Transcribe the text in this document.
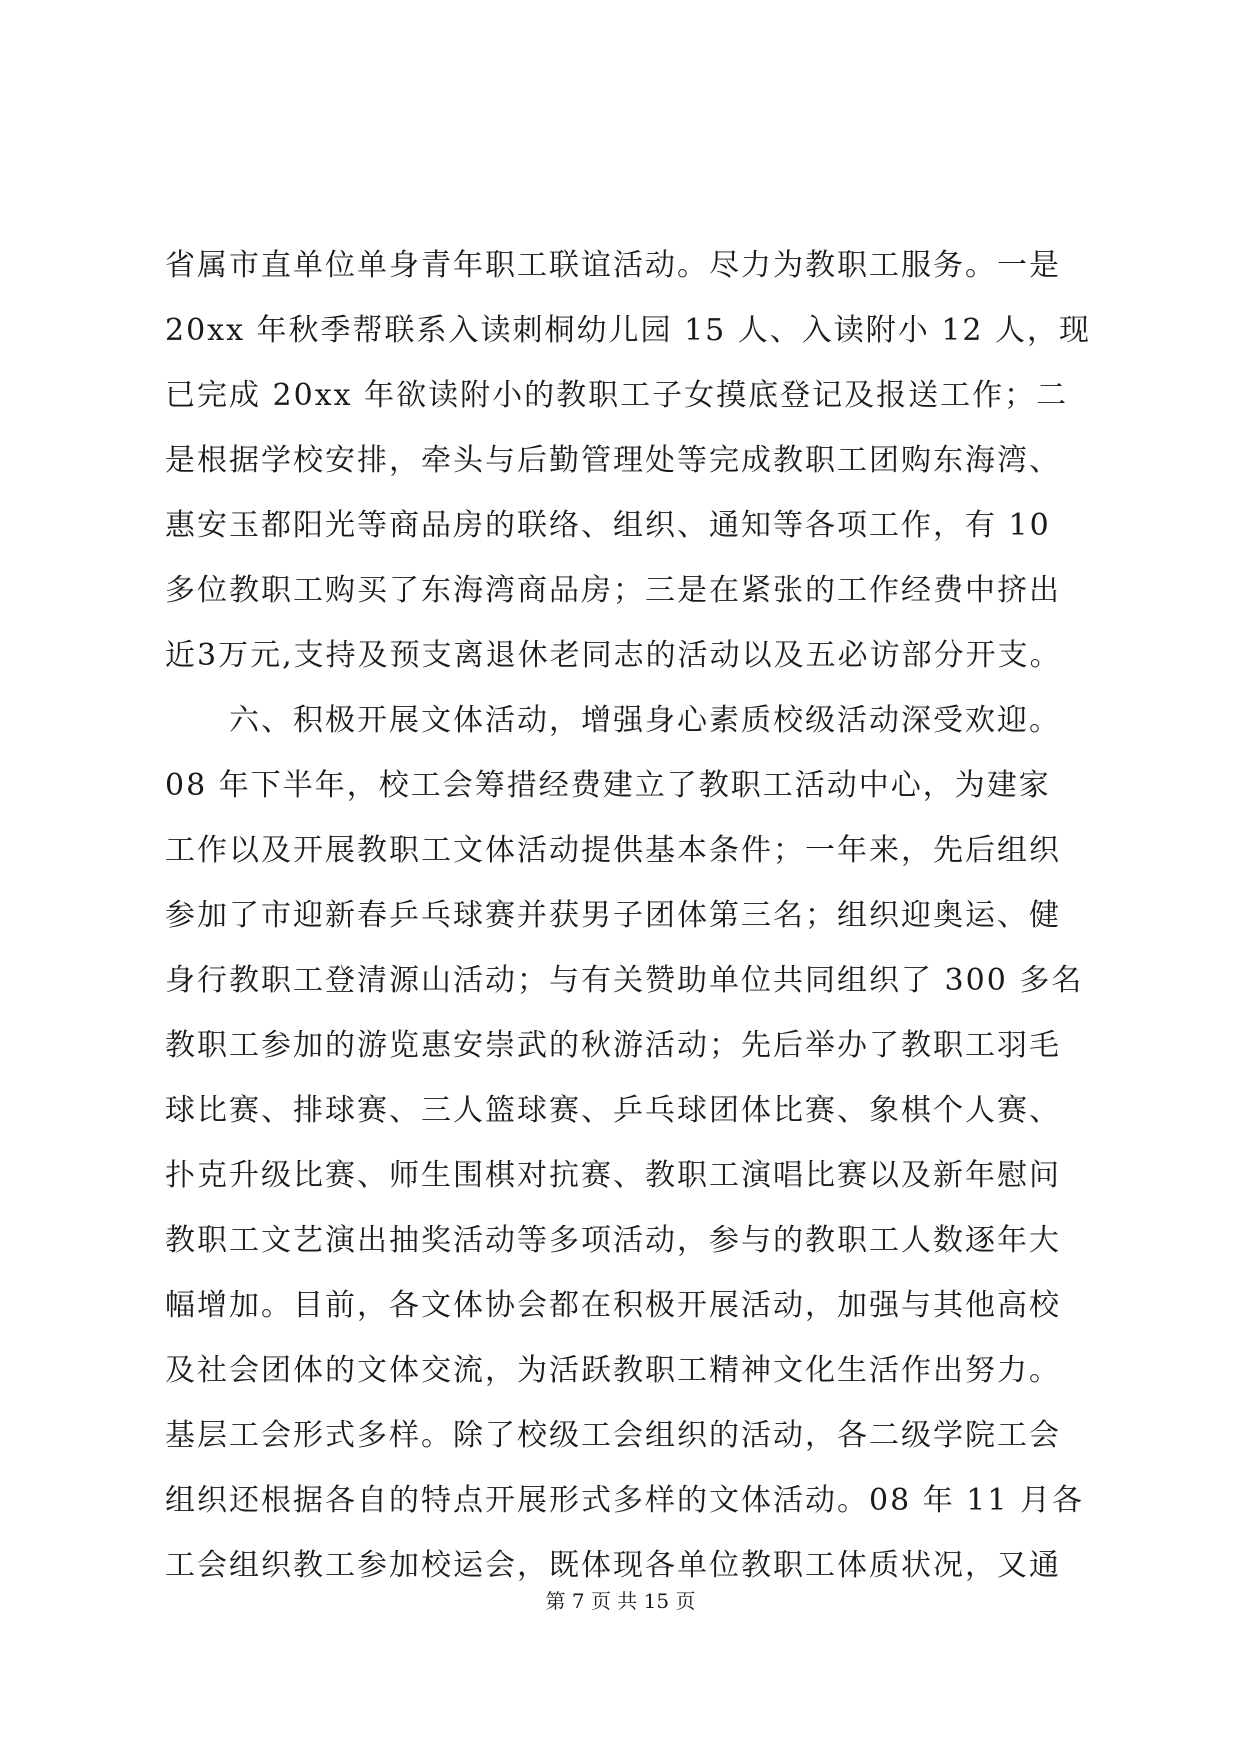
省属市直单位单身青年职工联谊活动。尽力为教职工服务。一是
20xx 年秋季帮联系入读刺桐幼儿园 15 人、入读附小 12 人，现
已完成 20xx 年欲读附小的教职工子女摸底登记及报送工作；二
是根据学校安排，牵头与后勤管理处等完成教职工团购东海湾、
惠安玉都阳光等商品房的联络、组织、通知等各项工作，有 10
多位教职工购买了东海湾商品房；三是在紧张的工作经费中挤出
近3万元,支持及预支离退休老同志的活动以及五必访部分开支。
　　六、积极开展文体活动，增强身心素质校级活动深受欢迎。
08 年下半年，校工会筹措经费建立了教职工活动中心，为建家
工作以及开展教职工文体活动提供基本条件；一年来，先后组织
参加了市迎新春乒乓球赛并获男子团体第三名；组织迎奥运、健
身行教职工登清源山活动；与有关赞助单位共同组织了 300 多名
教职工参加的游览惠安崇武的秋游活动；先后举办了教职工羽毛
球比赛、排球赛、三人篮球赛、乒乓球团体比赛、象棋个人赛、
扑克升级比赛、师生围棋对抗赛、教职工演唱比赛以及新年慰问
教职工文艺演出抽奖活动等多项活动，参与的教职工人数逐年大
幅增加。目前，各文体协会都在积极开展活动，加强与其他高校
及社会团体的文体交流，为活跃教职工精神文化生活作出努力。
基层工会形式多样。除了校级工会组织的活动，各二级学院工会
组织还根据各自的特点开展形式多样的文体活动。08 年 11 月各
工会组织教工参加校运会，既体现各单位教职工体质状况，又通
第 7 页 共 15 页
